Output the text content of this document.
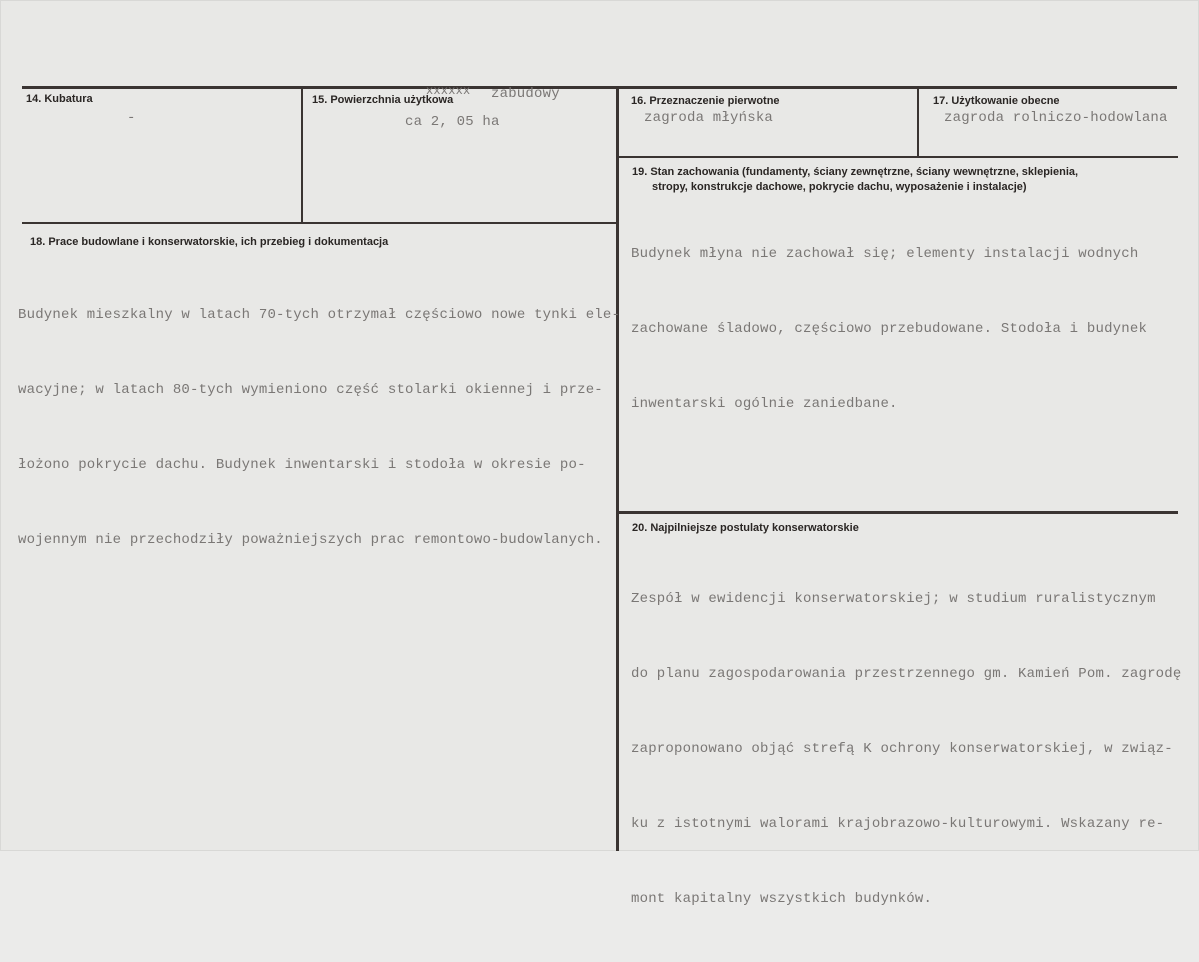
14. Kubatura
-
15. Powierzchnia użytkowa
xxxxxx zabudowy
ca 2, 05 ha
16. Przeznaczenie pierwotne
zagroda młyńska
17. Użytkowanie obecne
zagroda rolniczo-hodowlana
18. Prace budowlane i konserwatorskie, ich przebieg i dokumentacja

Budynek mieszkalny w latach 70-tych otrzymał częściowo nowe tynki ele-

wacyjne; w latach 80-tych wymieniono część stolarki okiennej i prze-

łożono pokrycie dachu. Budynek inwentarski i stodoła w okresie po-

wojennym nie przechodziły poważniejszych prac remontowo-budowlanych.

19. Stan zachowania (fundamenty, ściany zewnętrzne, ściany wewnętrzne, sklepienia,
stropy, konstrukcje dachowe, pokrycie dachu, wyposażenie i instalacje)

Budynek młyna nie zachował się; elementy instalacji wodnych

zachowane śladowo, częściowo przebudowane. Stodoła i budynek

inwentarski ogólnie zaniedbane.

20. Najpilniejsze postulaty konserwatorskie

Zespół w ewidencji konserwatorskiej; w studium ruralistycznym

do planu zagospodarowania przestrzennego gm. Kamień Pom. zagrodę

zaproponowano objąć strefą K ochrony konserwatorskiej, w związ-

ku z istotnymi walorami krajobrazowo-kulturowymi. Wskazany re-

mont kapitalny wszystkich budynków.
